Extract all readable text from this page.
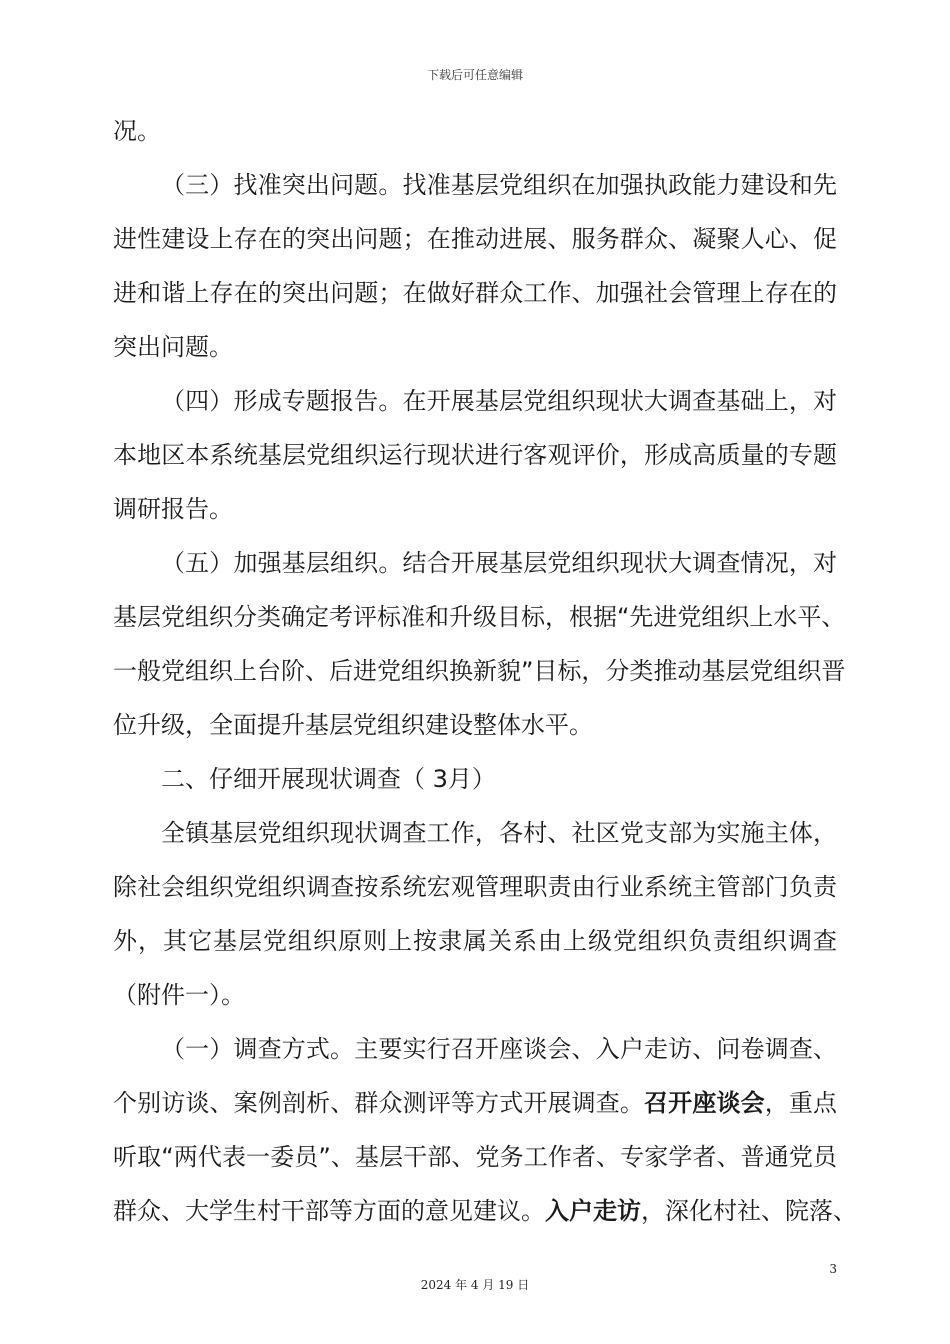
下载后可任意编辑
况。
（三）找准突出问题。找准基层党组织在加强执政能力建设和先
进性建设上存在的突出问题；在推动进展、服务群众、凝聚人心、促
进和谐上存在的突出问题；在做好群众工作、加强社会管理上存在的
突出问题。
（四）形成专题报告。在开展基层党组织现状大调查基础上，对
本地区本系统基层党组织运行现状进行客观评价，形成高质量的专题
调研报告。
（五）加强基层组织。结合开展基层党组织现状大调查情况，对
基层党组织分类确定考评标准和升级目标，根据“先进党组织上水平、
一般党组织上台阶、后进党组织换新貌”目标，分类推动基层党组织晋
位升级，全面提升基层党组织建设整体水平。
二、仔细开展现状调查（ 3月）
全镇基层党组织现状调查工作，各村、社区党支部为实施主体，
除社会组织党组织调查按系统宏观管理职责由行业系统主管部门负责
外，其它基层党组织原则上按隶属关系由上级党组织负责组织调查
（附件一）。
（一）调查方式。主要实行召开座谈会、入户走访、问卷调查、
个别访谈、案例剖析、群众测评等方式开展调查。召开座谈会，重点
听取“两代表一委员”、基层干部、党务工作者、专家学者、普通党员
群众、大学生村干部等方面的意见建议。入户走访，深化村社、院落、
3
2024 年 4 月 19 日
